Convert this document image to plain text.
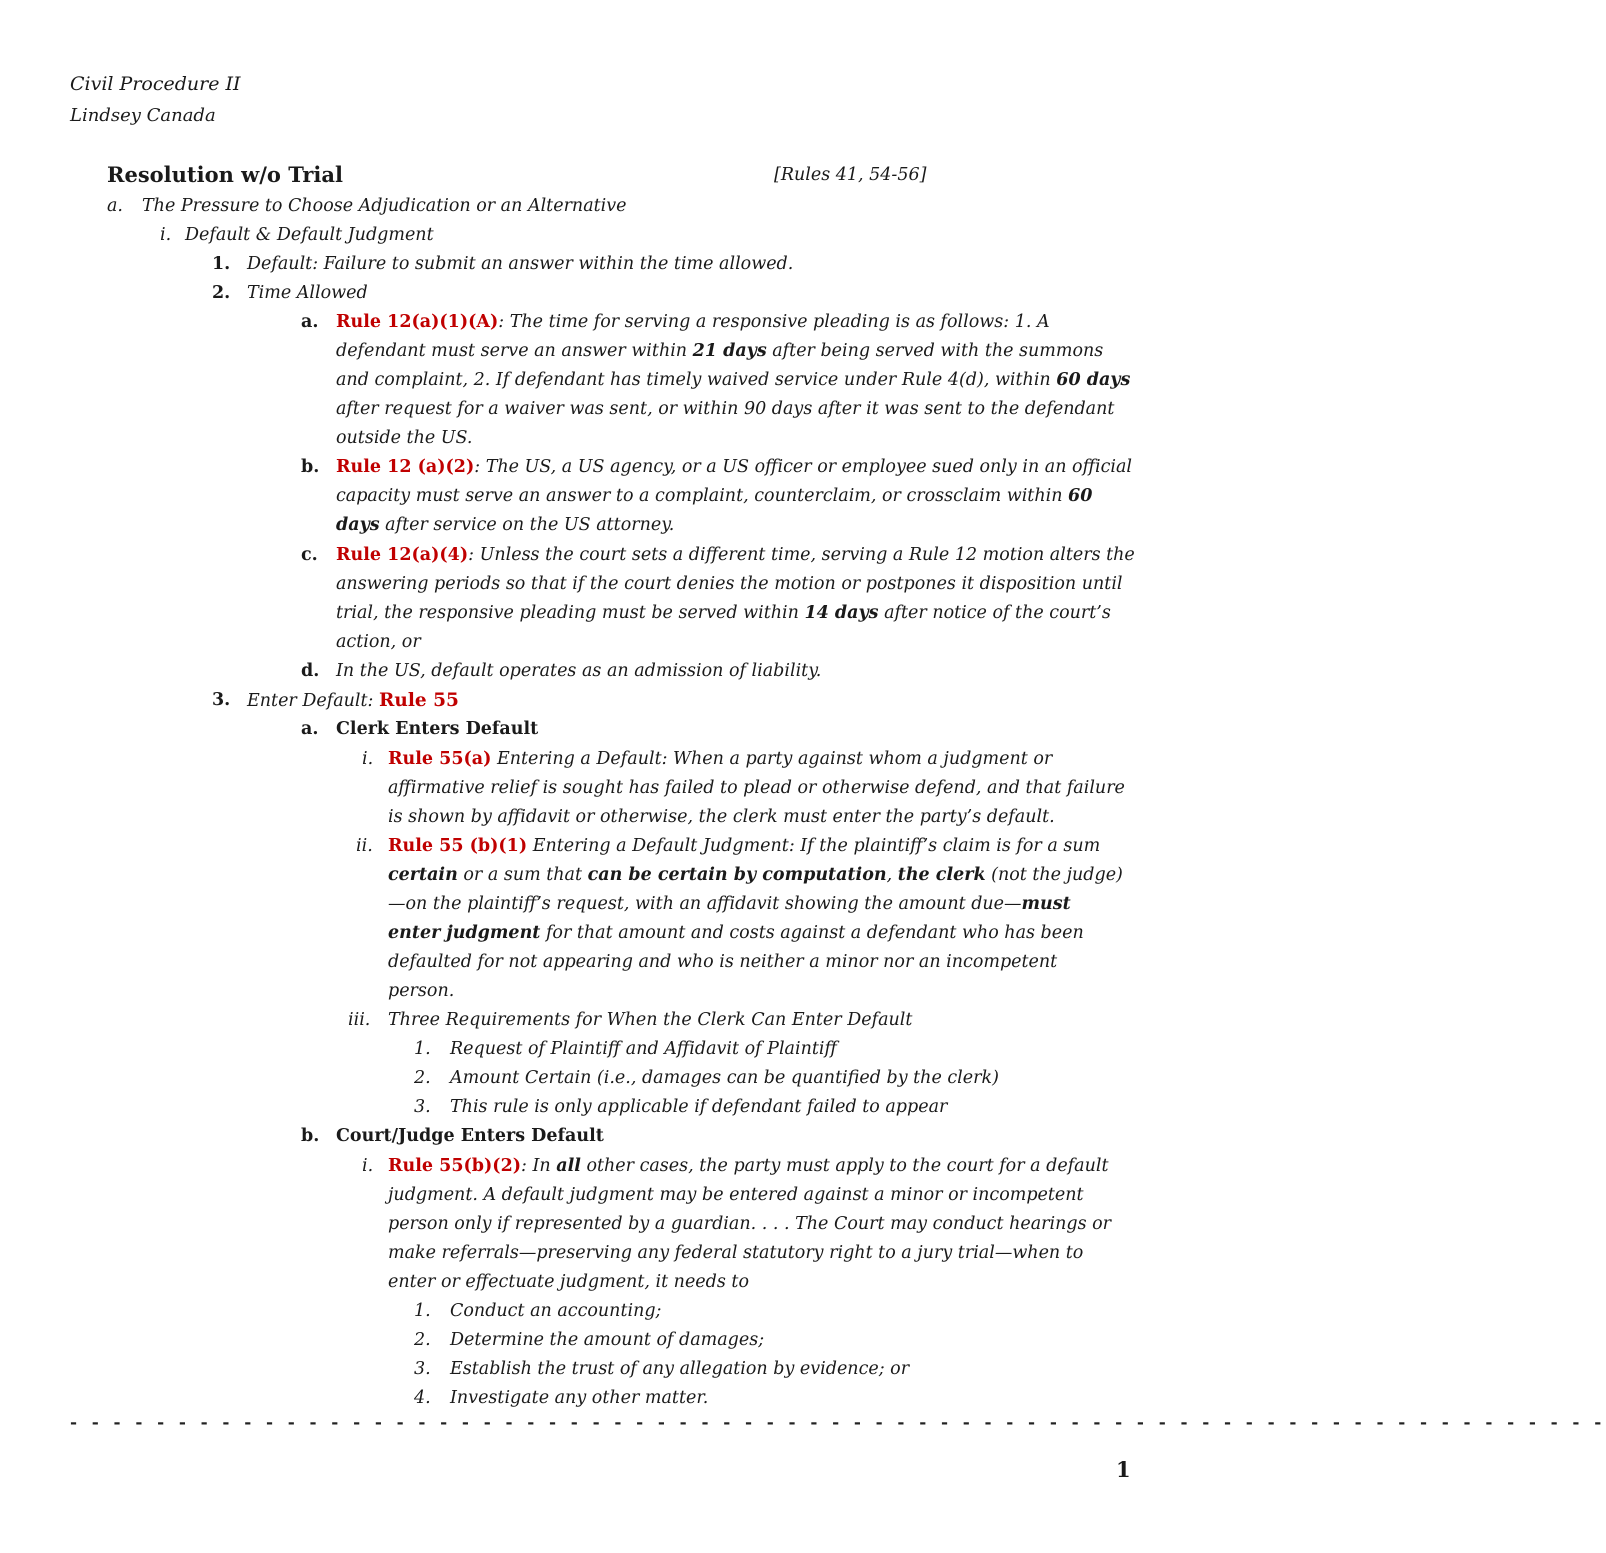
Civil Procedure II
Lindsey Canada
Resolution w/o Trial	[Rules 41, 54-56]
a. The Pressure to Choose Adjudication or an Alternative
i. Default & Default Judgment
1. Default: Failure to submit an answer within the time allowed.
2. Time Allowed
a. Rule 12(a)(1)(A): The time for serving a responsive pleading is as follows: 1. A
defendant must serve an answer within 21 days after being served with the summons
and complaint, 2. If defendant has timely waived service under Rule 4(d), within 60 days
after request for a waiver was sent, or within 90 days after it was sent to the defendant
outside the US.
b. Rule 12 (a)(2): The US, a US agency, or a US officer or employee sued only in an official
capacity must serve an answer to a complaint, counterclaim, or crossclaim within 60
days after service on the US attorney.
c. Rule 12(a)(4): Unless the court sets a different time, serving a Rule 12 motion alters the
answering periods so that if the court denies the motion or postpones it disposition until
trial, the responsive pleading must be served within 14 days after notice of the court’s
action, or
d. In the US, default operates as an admission of liability.
3. Enter Default: Rule 55
a. Clerk Enters Default
i. Rule 55(a) Entering a Default: When a party against whom a judgment or
affirmative relief is sought has failed to plead or otherwise defend, and that failure
is shown by affidavit or otherwise, the clerk must enter the party’s default.
ii. Rule 55 (b)(1) Entering a Default Judgment: If the plaintiff’s claim is for a sum
certain or a sum that can be certain by computation, the clerk (not the judge)
—on the plaintiff’s request, with an affidavit showing the amount due—must
enter judgment for that amount and costs against a defendant who has been
defaulted for not appearing and who is neither a minor nor an incompetent
person.
iii. Three Requirements for When the Clerk Can Enter Default
1. Request of Plaintiff and Affidavit of Plaintiff
2. Amount Certain (i.e., damages can be quantified by the clerk)
3. This rule is only applicable if defendant failed to appear
b. Court/Judge Enters Default
i. Rule 55(b)(2): In all other cases, the party must apply to the court for a default
judgment. A default judgment may be entered against a minor or incompetent
person only if represented by a guardian. . . . The Court may conduct hearings or
make referrals—preserving any federal statutory right to a jury trial—when to
enter or effectuate judgment, it needs to
1. Conduct an accounting;
2. Determine the amount of damages;
3. Establish the trust of any allegation by evidence; or
4. Investigate any other matter.
- - - - - - - - - - - - - - - - - - - - - - - - - - - - - - - - - - - - - - - - - - - - - - - - - - - - - - - - - - - - - - - - - - - - - - -
1
